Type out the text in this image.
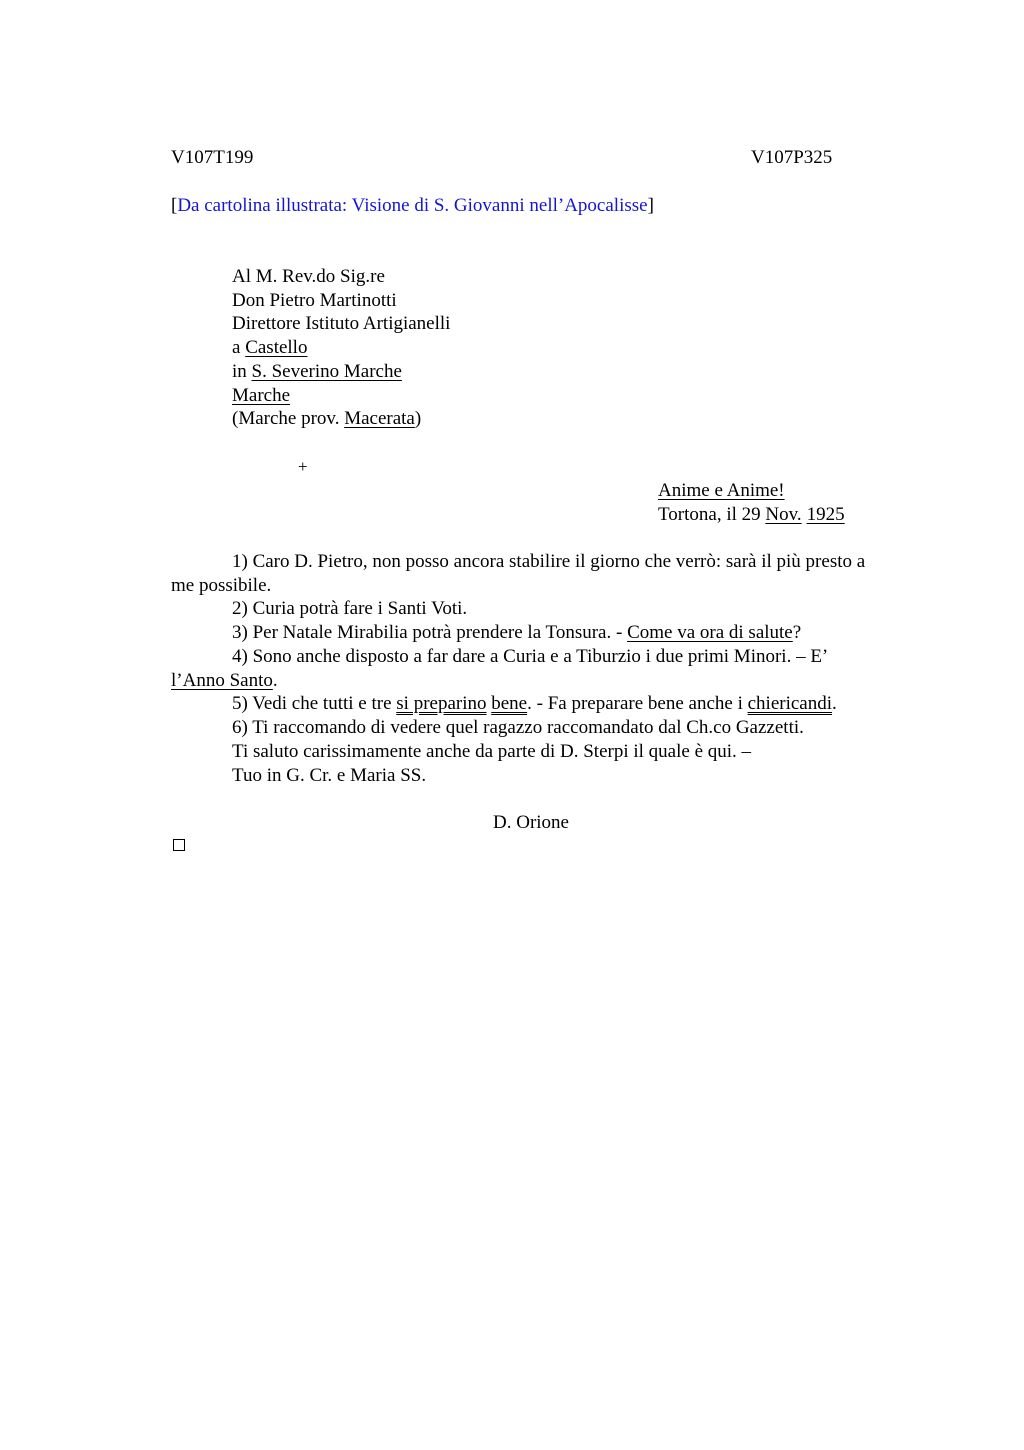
V107T199	V107P325
[Da cartolina illustrata: Visione di S. Giovanni nell’Apocalisse]
Al M. Rev.do Sig.re
Don Pietro Martinotti
Direttore Istituto Artigianelli
a Castello
in S. Severino Marche
Marche
(Marche prov. Macerata)
+
Anime e Anime!
Tortona, il 29 Nov. 1925
1) Caro D. Pietro, non posso ancora stabilire il giorno che verrò: sarà il più presto a
me possibile.
2) Curia potrà fare i Santi Voti.
3) Per Natale Mirabilia potrà prendere la Tonsura. - Come va ora di salute?
4) Sono anche disposto a far dare a Curia e a Tiburzio i due primi Minori. – E’
l’Anno Santo.
5) Vedi che tutti e tre si preparino bene. - Fa preparare bene anche i chiericandi.
6) Ti raccomando di vedere quel ragazzo raccomandato dal Ch.co Gazzetti.
Ti saluto carissimamente anche da parte di D. Sterpi il quale è qui. –
Tuo in G. Cr. e Maria SS.
D. Orione
